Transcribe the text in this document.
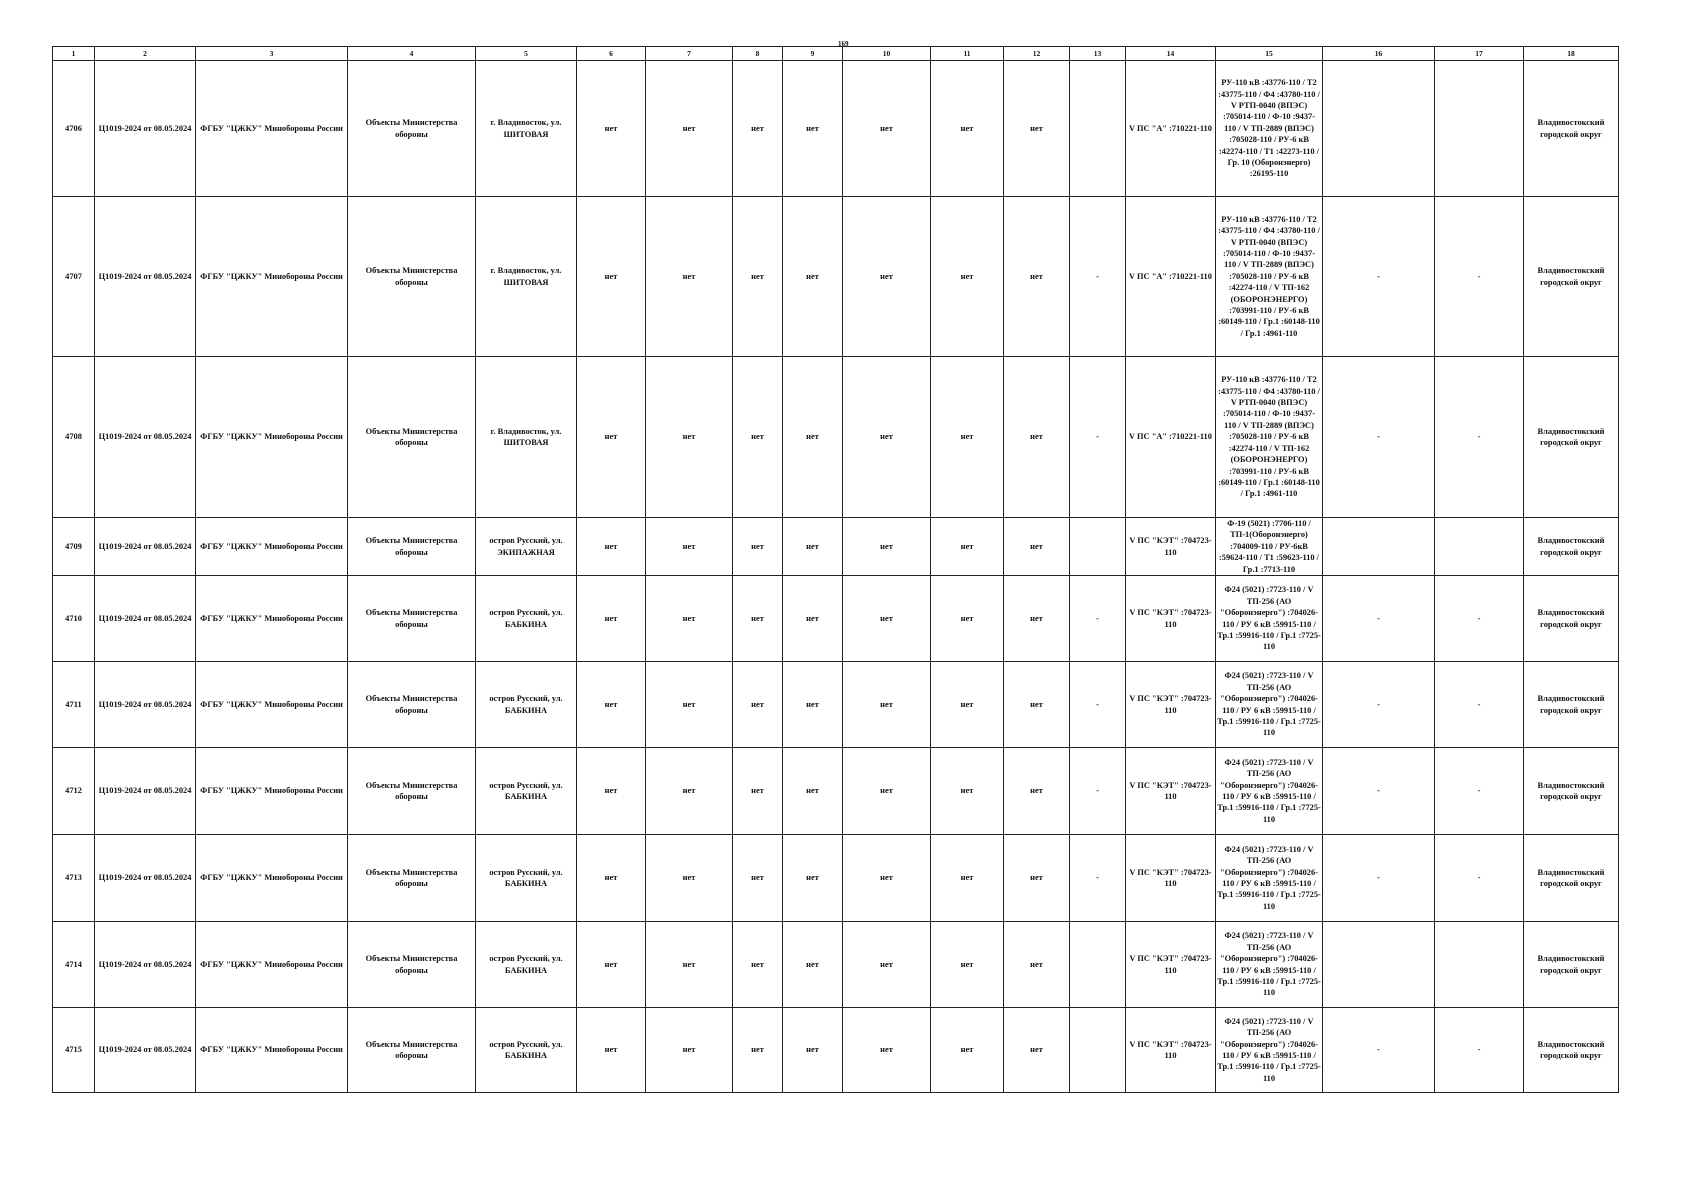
169
1	2	3	4	5	6	7	8	9	10	11	12	13	14	15	16	17	18
4706	Ц1019-2024 от 08.05.2024	ФГБУ "ЦЖКУ" Минобороны России	Объекты Министерства обороны	г. Владивосток, ул. ШИТОВАЯ	нет	нет	нет	нет	нет	нет	нет		V ПС "А" :710221-110	РУ-110 кВ :43776-110 / Т2 :43775-110 / Ф4 :43780-110 / V РТП-0040 (ВПЭС) :705014-110 / Ф-10 :9437-110 / V ТП-2889 (ВПЭС) :705028-110 / РУ-6 кВ :42274-110 / Т1 :42273-110 / Гр. 10 (Оборонэнерго) :26195-110			Владивостокский городской округ
4707	Ц1019-2024 от 08.05.2024	ФГБУ "ЦЖКУ" Минобороны России	Объекты Министерства обороны	г. Владивосток, ул. ШИТОВАЯ	нет	нет	нет	нет	нет	нет	нет	-	V ПС "А" :710221-110	РУ-110 кВ :43776-110 / Т2 :43775-110 / Ф4 :43780-110 / V РТП-0040 (ВПЭС) :705014-110 / Ф-10 :9437-110 / V ТП-2889 (ВПЭС) :705028-110 / РУ-6 кВ :42274-110 / V ТП-162 (ОБОРОНЭНЕРГО) :703991-110 / РУ-6 кВ :60149-110 / Гр.1 :60148-110 / Гр.1 :4961-110	-	-	Владивостокский городской округ
4708	Ц1019-2024 от 08.05.2024	ФГБУ "ЦЖКУ" Минобороны России	Объекты Министерства обороны	г. Владивосток, ул. ШИТОВАЯ	нет	нет	нет	нет	нет	нет	нет	-	V ПС "А" :710221-110	РУ-110 кВ :43776-110 / Т2 :43775-110 / Ф4 :43780-110 / V РТП-0040 (ВПЭС) :705014-110 / Ф-10 :9437-110 / V ТП-2889 (ВПЭС) :705028-110 / РУ-6 кВ :42274-110 / V ТП-162 (ОБОРОНЭНЕРГО) :703991-110 / РУ-6 кВ :60149-110 / Гр.1 :60148-110 / Гр.1 :4961-110	-	-	Владивостокский городской округ
4709	Ц1019-2024 от 08.05.2024	ФГБУ "ЦЖКУ" Минобороны России	Объекты Министерства обороны	остров Русский, ул. ЭКИПАЖНАЯ	нет	нет	нет	нет	нет	нет	нет		V ПС "КЭТ" :704723-110	Ф-19 (5021) :7706-110 / ТП-1(Оборонэнерго) :704009-110 / РУ-6кВ :59624-110 / Т1 :59623-110 / Гр.1 :7713-110			Владивостокский городской округ
4710	Ц1019-2024 от 08.05.2024	ФГБУ "ЦЖКУ" Минобороны России	Объекты Министерства обороны	остров Русский, ул. БАБКИНА	нет	нет	нет	нет	нет	нет	нет	-	V ПС "КЭТ" :704723-110	Ф24 (5021) :7723-110 / V ТП-256 (АО "Оборонэнерго") :704026-110 / РУ 6 кВ :59915-110 / Тр.1 :59916-110 / Гр.1 :7725-110	-	-	Владивостокский городской округ
4711	Ц1019-2024 от 08.05.2024	ФГБУ "ЦЖКУ" Минобороны России	Объекты Министерства обороны	остров Русский, ул. БАБКИНА	нет	нет	нет	нет	нет	нет	нет	-	V ПС "КЭТ" :704723-110	Ф24 (5021) :7723-110 / V ТП-256 (АО "Оборонэнерго") :704026-110 / РУ 6 кВ :59915-110 / Тр.1 :59916-110 / Гр.1 :7725-110	-	-	Владивостокский городской округ
4712	Ц1019-2024 от 08.05.2024	ФГБУ "ЦЖКУ" Минобороны России	Объекты Министерства обороны	остров Русский, ул. БАБКИНА	нет	нет	нет	нет	нет	нет	нет	-	V ПС "КЭТ" :704723-110	Ф24 (5021) :7723-110 / V ТП-256 (АО "Оборонэнерго") :704026-110 / РУ 6 кВ :59915-110 / Тр.1 :59916-110 / Гр.1 :7725-110	-	-	Владивостокский городской округ
4713	Ц1019-2024 от 08.05.2024	ФГБУ "ЦЖКУ" Минобороны России	Объекты Министерства обороны	остров Русский, ул. БАБКИНА	нет	нет	нет	нет	нет	нет	нет	-	V ПС "КЭТ" :704723-110	Ф24 (5021) :7723-110 / V ТП-256 (АО "Оборонэнерго") :704026-110 / РУ 6 кВ :59915-110 / Тр.1 :59916-110 / Гр.1 :7725-110	-	-	Владивостокский городской округ
4714	Ц1019-2024 от 08.05.2024	ФГБУ "ЦЖКУ" Минобороны России	Объекты Министерства обороны	остров Русский, ул. БАБКИНА	нет	нет	нет	нет	нет	нет	нет		V ПС "КЭТ" :704723-110	Ф24 (5021) :7723-110 / V ТП-256 (АО "Оборонэнерго") :704026-110 / РУ 6 кВ :59915-110 / Тр.1 :59916-110 / Гр.1 :7725-110			Владивостокский городской округ
4715	Ц1019-2024 от 08.05.2024	ФГБУ "ЦЖКУ" Минобороны России	Объекты Министерства обороны	остров Русский, ул. БАБКИНА	нет	нет	нет	нет	нет	нет	нет		V ПС "КЭТ" :704723-110	Ф24 (5021) :7723-110 / V ТП-256 (АО "Оборонэнерго") :704026-110 / РУ 6 кВ :59915-110 / Тр.1 :59916-110 / Гр.1 :7725-110	-	-	Владивостокский городской округ
